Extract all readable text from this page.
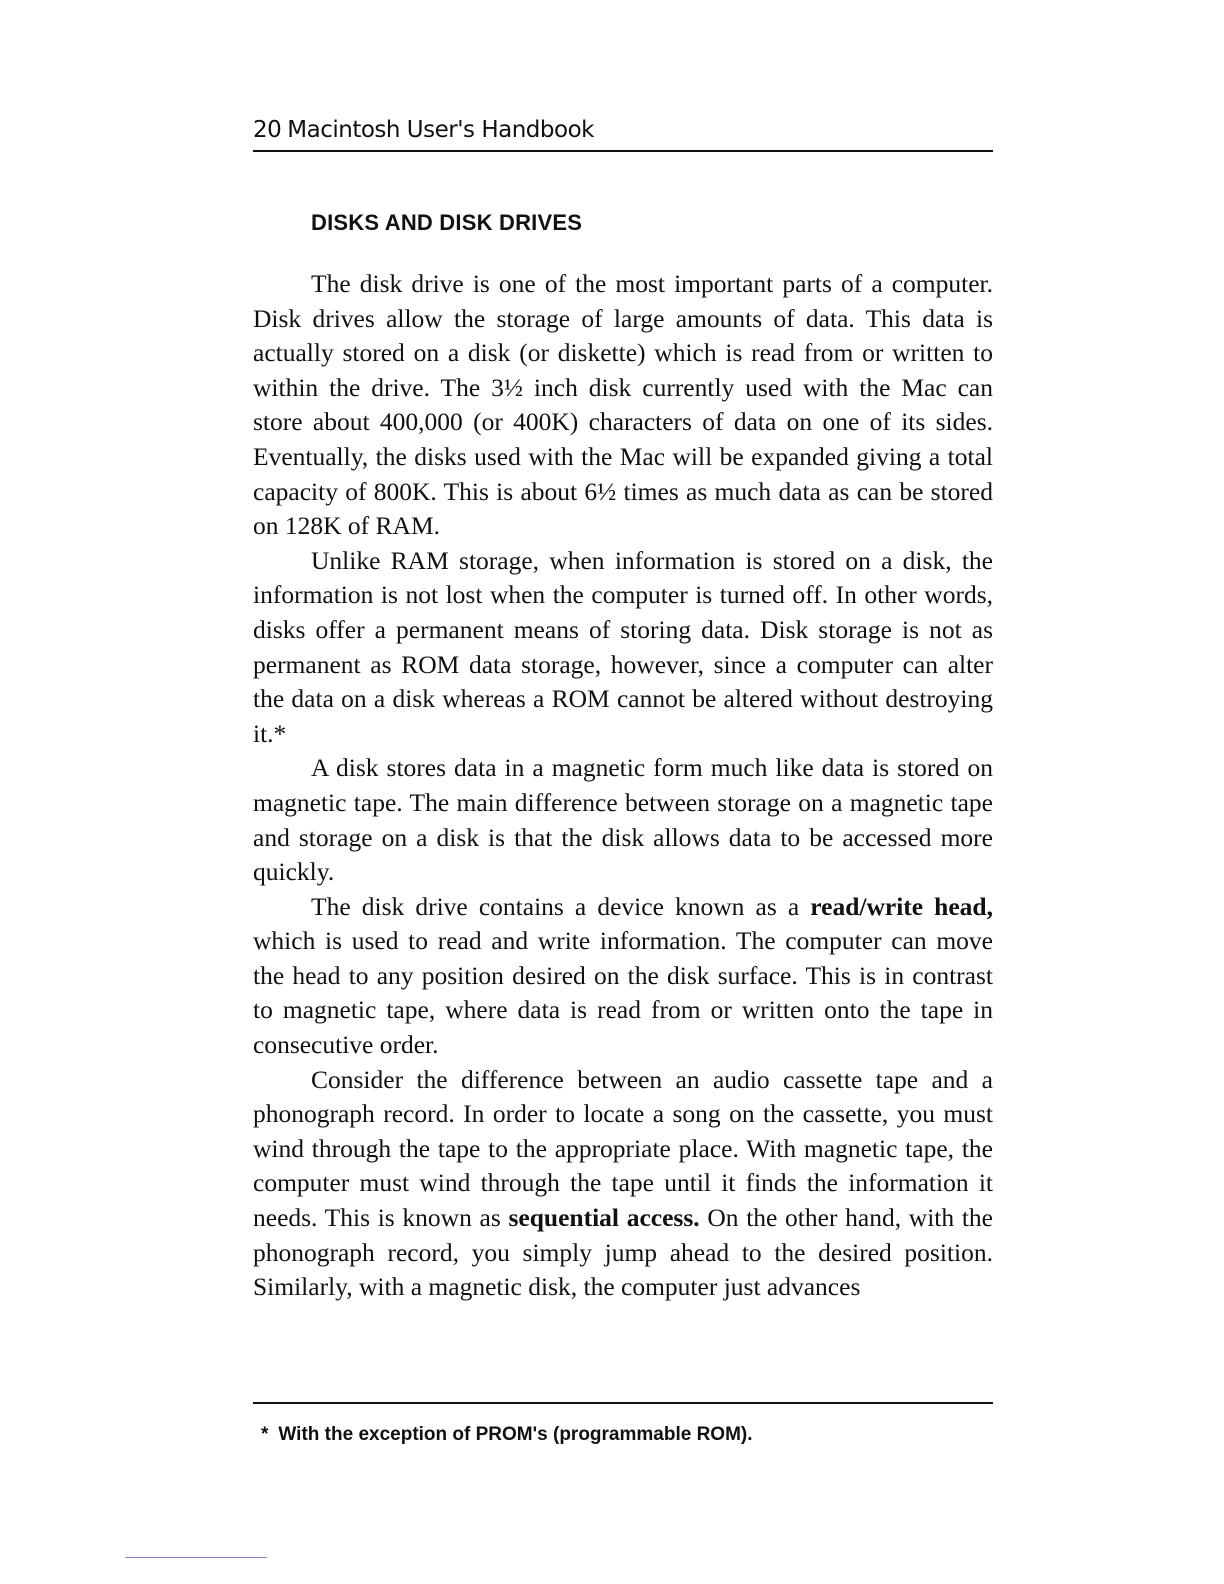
20 Macintosh User's Handbook
DISKS AND DISK DRIVES

The disk drive is one of the most important parts of a computer. Disk drives allow the storage of large amounts of data. This data is actually stored on a disk (or diskette) which is read from or written to within the drive. The 3½ inch disk currently used with the Mac can store about 400,000 (or 400K) characters of data on one of its sides. Eventually, the disks used with the Mac will be expanded giving a total capacity of 800K. This is about 6½ times as much data as can be stored on 128K of RAM.

Unlike RAM storage, when information is stored on a disk, the information is not lost when the computer is turned off. In other words, disks offer a permanent means of storing data. Disk storage is not as permanent as ROM data storage, however, since a computer can alter the data on a disk whereas a ROM cannot be altered without destroying it.*

A disk stores data in a magnetic form much like data is stored on magnetic tape. The main difference between storage on a magnetic tape and storage on a disk is that the disk allows data to be accessed more quickly.

The disk drive contains a device known as a read/write head, which is used to read and write information. The computer can move the head to any position desired on the disk surface. This is in contrast to magnetic tape, where data is read from or written onto the tape in consecutive order.

Consider the difference between an audio cassette tape and a phonograph record. In order to locate a song on the cassette, you must wind through the tape to the appropriate place. With magnetic tape, the computer must wind through the tape until it finds the information it needs. This is known as sequential access. On the other hand, with the phonograph record, you simply jump ahead to the desired position. Similarly, with a magnetic disk, the computer just advances

* With the exception of PROM's (programmable ROM).
